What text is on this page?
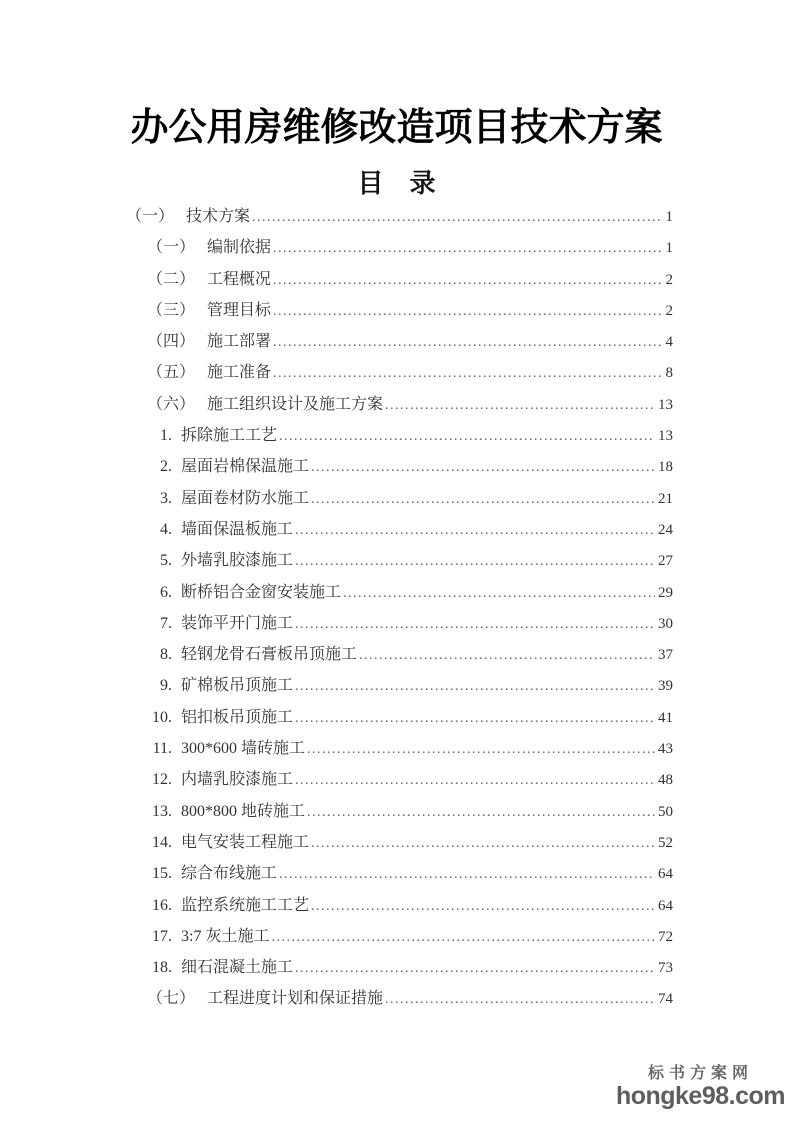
办公用房维修改造项目技术方案
目　录
（一） 技术方案 .....	1
（一） 编制依据 .....	1
（二） 工程概况 .....	2
（三） 管理目标 .....	2
（四） 施工部署 .....	4
（五） 施工准备 .....	8
（六） 施工组织设计及施工方案 .....	13
1. 拆除施工工艺 .....	13
2. 屋面岩棉保温施工 .....	18
3. 屋面卷材防水施工 .....	21
4. 墙面保温板施工 .....	24
5. 外墙乳胶漆施工 .....	27
6. 断桥铝合金窗安装施工 .....	29
7. 装饰平开门施工 .....	30
8. 轻钢龙骨石膏板吊顶施工 .....	37
9. 矿棉板吊顶施工 .....	39
10. 铝扣板吊顶施工 .....	41
11. 300*600 墙砖施工 .....	43
12. 内墙乳胶漆施工 .....	48
13. 800*800 地砖施工 .....	50
14. 电气安装工程施工 .....	52
15. 综合布线施工 .....	64
16. 监控系统施工工艺 .....	64
17. 3:7 灰土施工 .....	72
18. 细石混凝土施工 .....	73
（七） 工程进度计划和保证措施 .....	74
标书方案网
hongke98.com
